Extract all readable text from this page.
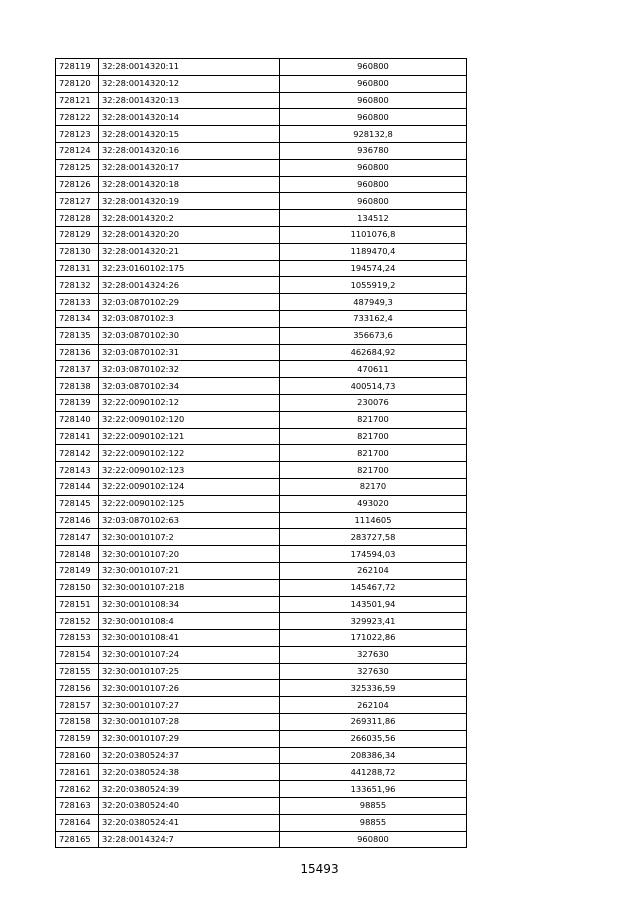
728119	32:28:0014320:11	960800
728120	32:28:0014320:12	960800
728121	32:28:0014320:13	960800
728122	32:28:0014320:14	960800
728123	32:28:0014320:15	928132,8
728124	32:28:0014320:16	936780
728125	32:28:0014320:17	960800
728126	32:28:0014320:18	960800
728127	32:28:0014320:19	960800
728128	32:28:0014320:2	134512
728129	32:28:0014320:20	1101076,8
728130	32:28:0014320:21	1189470,4
728131	32:23:0160102:175	194574,24
728132	32:28:0014324:26	1055919,2
728133	32:03:0870102:29	487949,3
728134	32:03:0870102:3	733162,4
728135	32:03:0870102:30	356673,6
728136	32:03:0870102:31	462684,92
728137	32:03:0870102:32	470611
728138	32:03:0870102:34	400514,73
728139	32:22:0090102:12	230076
728140	32:22:0090102:120	821700
728141	32:22:0090102:121	821700
728142	32:22:0090102:122	821700
728143	32:22:0090102:123	821700
728144	32:22:0090102:124	82170
728145	32:22:0090102:125	493020
728146	32:03:0870102:63	1114605
728147	32:30:0010107:2	283727,58
728148	32:30:0010107:20	174594,03
728149	32:30:0010107:21	262104
728150	32:30:0010107:218	145467,72
728151	32:30:0010108:34	143501,94
728152	32:30:0010108:4	329923,41
728153	32:30:0010108:41	171022,86
728154	32:30:0010107:24	327630
728155	32:30:0010107:25	327630
728156	32:30:0010107:26	325336,59
728157	32:30:0010107:27	262104
728158	32:30:0010107:28	269311,86
728159	32:30:0010107:29	266035,56
728160	32:20:0380524:37	208386,34
728161	32:20:0380524:38	441288,72
728162	32:20:0380524:39	133651,96
728163	32:20:0380524:40	98855
728164	32:20:0380524:41	98855
728165	32:28:0014324:7	960800
15493
